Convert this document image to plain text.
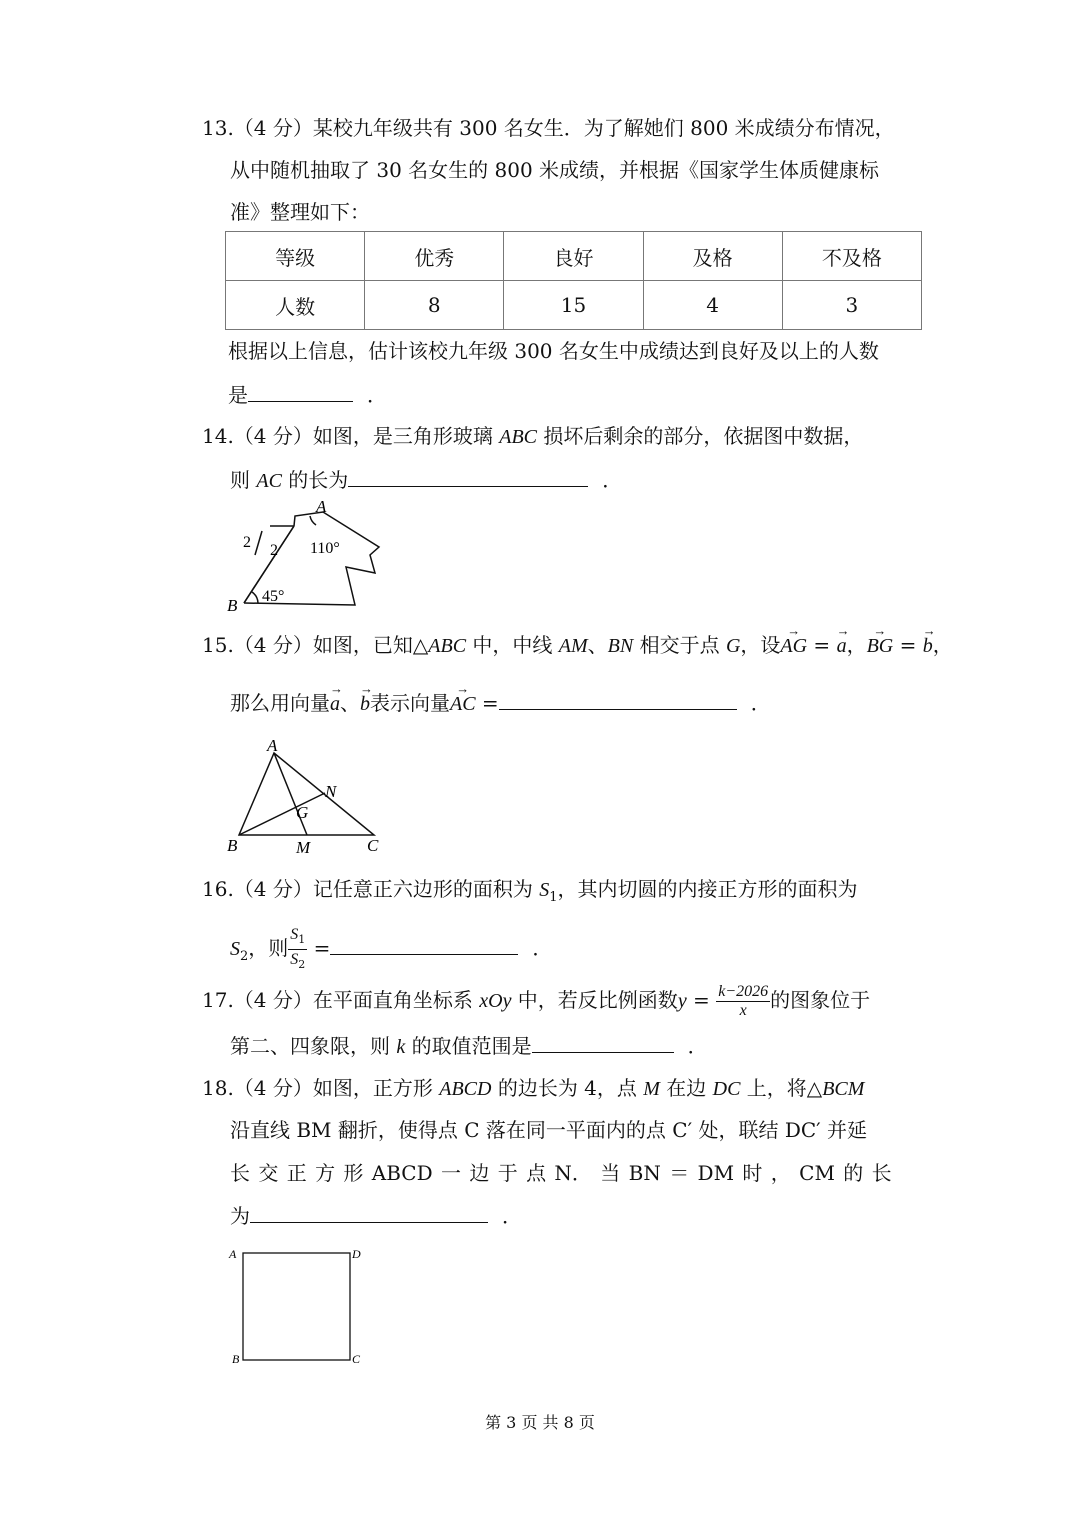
13.（4 分）某校九年级共有 300 名女生．为了解她们 800 米成绩分布情况，
从中随机抽取了 30 名女生的 800 米成绩，并根据《国家学生体质健康标
准》整理如下：
等级	优秀	良好	及格	不及格
人数	8	15	4	3
根据以上信息，估计该校九年级 300 名女生中成绩达到良好及以上的人数
是	．
14.（4 分）如图，是三角形玻璃 ABC 损坏后剩余的部分，依据图中数据，
则 AC 的长为	．
A
B
110°
45°
2 2
15.（4 分）如图，已知△ABC 中，中线 AM、BN 相交于点 G，设→ AG = → a，→ BG = → b，
那么用向量→ a、→ b表示向量→ AC =	．
A
B	C
M
N
G
16.（4 分）记任意正六边形的面积为 $S_1$，其内切圆的内接正方形的面积为
$S_2$，则 $\frac{S_1}{S_2}$ =	．
17.（4 分）在平面直角坐标系 xOy 中，若反比例函数$y = \frac{k-2026}{x}$ 的图象位于
第二、四象限，则 k 的取值范围是	．
18.（4 分）如图，正方形 ABCD 的边长为 4，点 M 在边 DC 上，将△BCM
沿直线 BM 翻折，使得点 C 落在同一平面内的点 C′ 处，联结 DC′ 并延
长 交 正 方 形 ABCD 一 边 于 点 N． 当 BN ＝ DM 时 ， CM 的 长
为	．
A	D
B	C
第 3 页 共 8 页
